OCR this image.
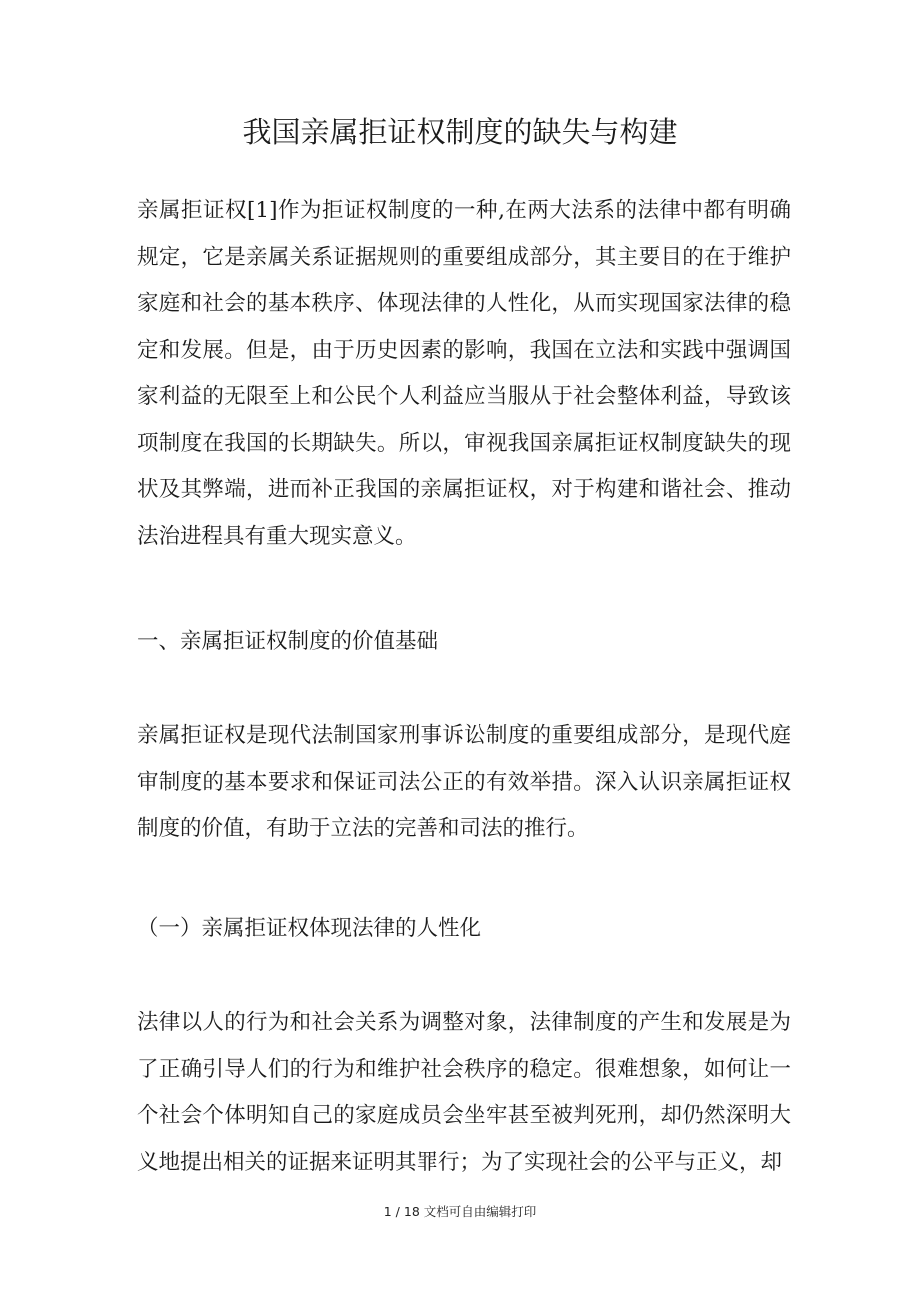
我国亲属拒证权制度的缺失与构建

亲属拒证权[1]作为拒证权制度的一种,在两大法系的法律中都有明确规定，它是亲属关系证据规则的重要组成部分，其主要目的在于维护家庭和社会的基本秩序、体现法律的人性化，从而实现国家法律的稳定和发展。但是，由于历史因素的影响，我国在立法和实践中强调国家利益的无限至上和公民个人利益应当服从于社会整体利益，导致该项制度在我国的长期缺失。所以，审视我国亲属拒证权制度缺失的现状及其弊端，进而补正我国的亲属拒证权，对于构建和谐社会、推动法治进程具有重大现实意义。

一、亲属拒证权制度的价值基础

亲属拒证权是现代法制国家刑事诉讼制度的重要组成部分，是现代庭审制度的基本要求和保证司法公正的有效举措。深入认识亲属拒证权制度的价值，有助于立法的完善和司法的推行。

（一）亲属拒证权体现法律的人性化

法律以人的行为和社会关系为调整对象，法律制度的产生和发展是为了正确引导人们的行为和维护社会秩序的稳定。很难想象，如何让一个社会个体明知自己的家庭成员会坐牢甚至被判死刑，却仍然深明大义地提出相关的证据来证明其罪行；为了实现社会的公平与正义，却

1 / 18 文档可自由编辑打印
